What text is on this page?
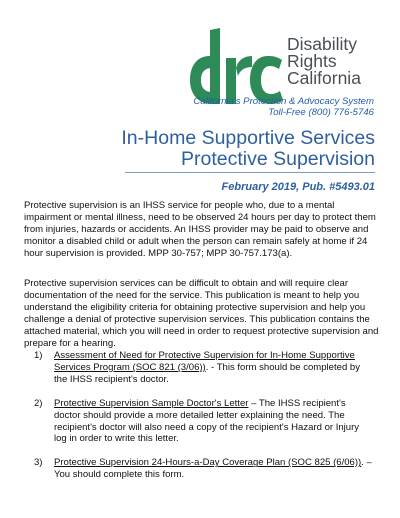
Disability
Rights
California
California's Protection & Advocacy System
Toll-Free (800) 776-5746
In-Home Supportive Services
Protective Supervision
February 2019, Pub. #5493.01

Protective supervision is an IHSS service for people who, due to a mental impairment or mental illness, need to be observed 24 hours per day to protect them from injuries, hazards or accidents. An IHSS provider may be paid to observe and monitor a disabled child or adult when the person can remain safely at home if 24 hour supervision is provided. MPP 30-757; MPP 30-757.173(a).

Protective supervision services can be difficult to obtain and will require clear documentation of the need for the service. This publication is meant to help you understand the eligibility criteria for obtaining protective supervision and help you challenge a denial of protective supervision services. This publication contains the attached material, which you will need in order to request protective supervision and prepare for a hearing.

1) Assessment of Need for Protective Supervision for In-Home Supportive Services Program (SOC 821 (3/06)). - This form should be completed by the IHSS recipient's doctor.
2) Protective Supervision Sample Doctor's Letter – The IHSS recipient's doctor should provide a more detailed letter explaining the need. The recipient's doctor will also need a copy of the recipient's Hazard or Injury log in order to write this letter.
3) Protective Supervision 24-Hours-a-Day Coverage Plan (SOC 825 (6/06)). – You should complete this form.
